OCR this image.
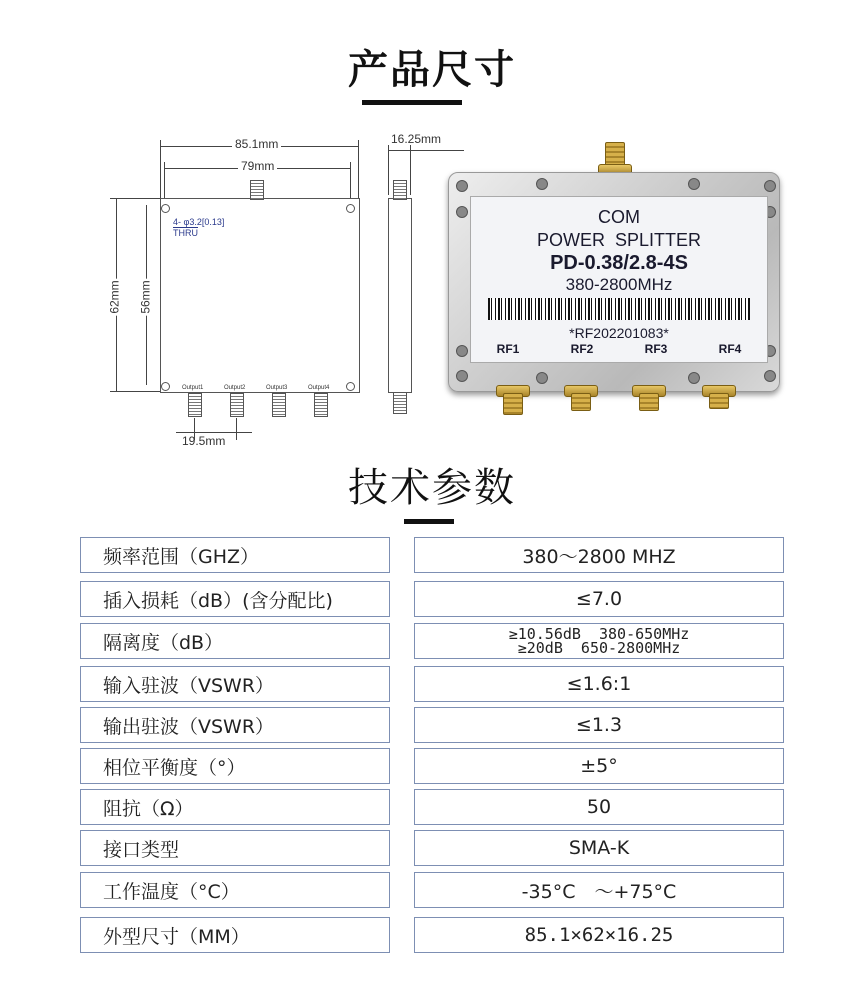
产品尺寸
85.1mm
79mm
62mm 56mm
4- φ3.2[0.13]
THRU
Output1	Output2	Output3	Output4
19.5mm
16.25mm
COM
POWER  SPLITTER
PD-0.38/2.8-4S
380-2800MHz
*RF202201083*
RF1	RF2	RF3	RF4
技术参数
频率范围（GHZ）	380～2800 MHZ
插入损耗（dB）(含分配比)	≤7.0
隔离度（dB）	≥10.56dB  380-650MHz
≥20dB  650-2800MHz
输入驻波（VSWR）	≤1.6:1
输出驻波（VSWR）	≤1.3
相位平衡度（°）	±5°
阻抗（Ω）	50
接口类型	SMA-K
工作温度（°C）	-35°C　～+75°C
外型尺寸（MM）	85.1×62×16.25
